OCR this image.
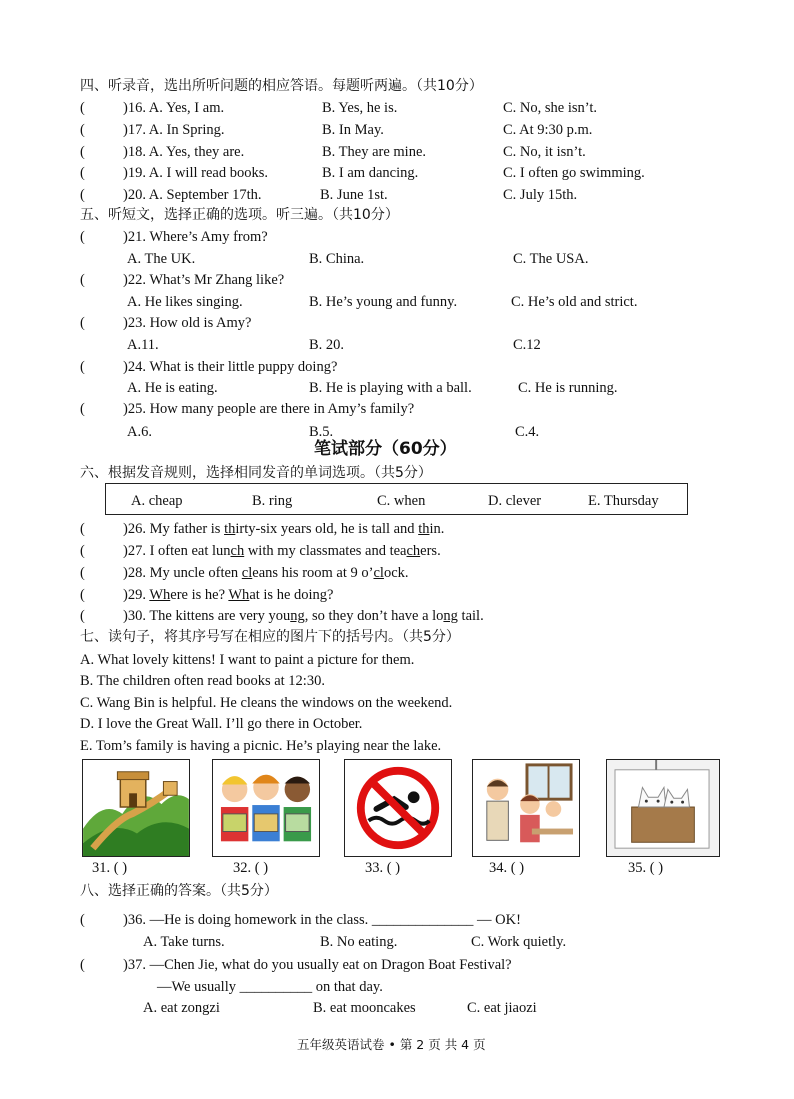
四、听录音，选出所听问题的相应答语。每题听两遍。（共10分）
(	)16. A. Yes, I am.	B. Yes, he is.	C. No, she isn’t.
(	)17. A. In Spring.	B. In May.	C. At 9:30 p.m.
(	)18. A. Yes, they are.	B. They are mine.	C. No, it isn’t.
(	)19. A. I will read books.	B. I am dancing.	C. I often go swimming.
(	)20. A. September 17th.	B. June 1st.	C. July 15th.
五、听短文，选择正确的选项。听三遍。（共10分）
(	)21. Where’s Amy from?
A. The UK.	B. China.	C. The USA.
(	)22. What’s Mr Zhang like?
A. He likes singing.	B. He’s young and funny.	C. He’s old and strict.
(	)23. How old is Amy?
A.11.	B. 20.	C.12
(	)24. What is their little puppy doing?
A. He is eating.	B. He is playing with a ball.	C. He is running.
(	)25. How many people are there in Amy’s family?
A.6.	B.5.	C.4.
笔试部分（60分）
六、根据发音规则，选择相同发音的单词选项。（共5分）
A. cheap	B. ring	C. when	D. clever	E. Thursday
(	)26. My father is thirty-six years old, he is tall and thin.
(	)27. I often eat lunch with my classmates and teachers.
(	)28. My uncle often cleans his room at 9 o’clock.
(	)29. Where is he? What is he doing?
(	)30. The kittens are very young, so they don’t have a long tail.
七、读句子，将其序号写在相应的图片下的括号内。（共5分）
A. What lovely kittens! I want to paint a picture for them.
B. The children often read books at 12:30.
C. Wang Bin is helpful. He cleans the windows on the weekend.
D. I love the Great Wall. I’ll go there in October.
E. Tom’s family is having a picnic. He’s playing near the lake.
31. ( )	32. ( )	33. ( )	34. ( )	35. ( )
八、选择正确的答案。（共5分）
(	)36. —He is doing homework in the class. ______________ — OK!
A. Take turns.	B. No eating.	C. Work quietly.
(	)37. —Chen Jie, what do you usually eat on Dragon Boat Festival?
—We usually __________ on that day.
A. eat zongzi	B. eat mooncakes	C. eat jiaozi
五年级英语试卷 • 第 2 页 共 4 页
